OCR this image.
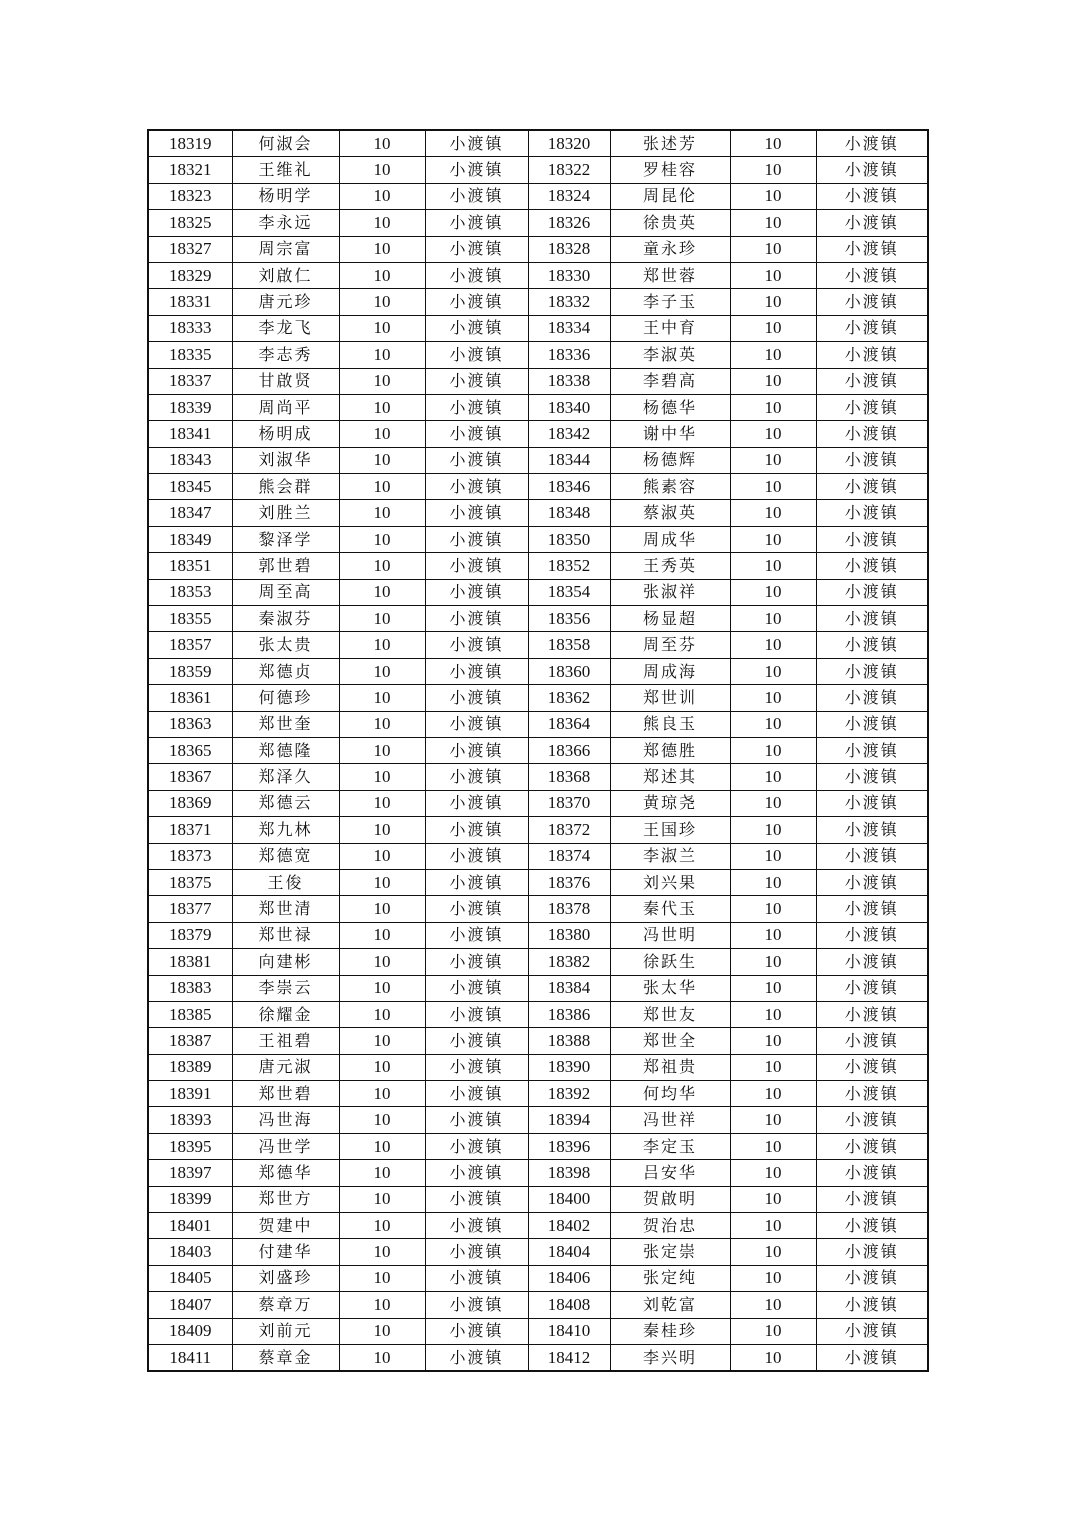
18319	何淑会	10	小渡镇	18320	张述芳	10	小渡镇
18321	王维礼	10	小渡镇	18322	罗桂容	10	小渡镇
18323	杨明学	10	小渡镇	18324	周昆伦	10	小渡镇
18325	李永远	10	小渡镇	18326	徐贵英	10	小渡镇
18327	周宗富	10	小渡镇	18328	童永珍	10	小渡镇
18329	刘啟仁	10	小渡镇	18330	郑世蓉	10	小渡镇
18331	唐元珍	10	小渡镇	18332	李子玉	10	小渡镇
18333	李龙飞	10	小渡镇	18334	王中育	10	小渡镇
18335	李志秀	10	小渡镇	18336	李淑英	10	小渡镇
18337	甘啟贤	10	小渡镇	18338	李碧高	10	小渡镇
18339	周尚平	10	小渡镇	18340	杨德华	10	小渡镇
18341	杨明成	10	小渡镇	18342	谢中华	10	小渡镇
18343	刘淑华	10	小渡镇	18344	杨德辉	10	小渡镇
18345	熊会群	10	小渡镇	18346	熊素容	10	小渡镇
18347	刘胜兰	10	小渡镇	18348	蔡淑英	10	小渡镇
18349	黎泽学	10	小渡镇	18350	周成华	10	小渡镇
18351	郭世碧	10	小渡镇	18352	王秀英	10	小渡镇
18353	周至高	10	小渡镇	18354	张淑祥	10	小渡镇
18355	秦淑芬	10	小渡镇	18356	杨显超	10	小渡镇
18357	张太贵	10	小渡镇	18358	周至芬	10	小渡镇
18359	郑德贞	10	小渡镇	18360	周成海	10	小渡镇
18361	何德珍	10	小渡镇	18362	郑世训	10	小渡镇
18363	郑世奎	10	小渡镇	18364	熊良玉	10	小渡镇
18365	郑德隆	10	小渡镇	18366	郑德胜	10	小渡镇
18367	郑泽久	10	小渡镇	18368	郑述其	10	小渡镇
18369	郑德云	10	小渡镇	18370	黄琼尧	10	小渡镇
18371	郑九林	10	小渡镇	18372	王国珍	10	小渡镇
18373	郑德宽	10	小渡镇	18374	李淑兰	10	小渡镇
18375	王俊	10	小渡镇	18376	刘兴果	10	小渡镇
18377	郑世清	10	小渡镇	18378	秦代玉	10	小渡镇
18379	郑世禄	10	小渡镇	18380	冯世明	10	小渡镇
18381	向建彬	10	小渡镇	18382	徐跃生	10	小渡镇
18383	李崇云	10	小渡镇	18384	张太华	10	小渡镇
18385	徐耀金	10	小渡镇	18386	郑世友	10	小渡镇
18387	王祖碧	10	小渡镇	18388	郑世全	10	小渡镇
18389	唐元淑	10	小渡镇	18390	郑祖贵	10	小渡镇
18391	郑世碧	10	小渡镇	18392	何均华	10	小渡镇
18393	冯世海	10	小渡镇	18394	冯世祥	10	小渡镇
18395	冯世学	10	小渡镇	18396	李定玉	10	小渡镇
18397	郑德华	10	小渡镇	18398	吕安华	10	小渡镇
18399	郑世方	10	小渡镇	18400	贺啟明	10	小渡镇
18401	贺建中	10	小渡镇	18402	贺治忠	10	小渡镇
18403	付建华	10	小渡镇	18404	张定崇	10	小渡镇
18405	刘盛珍	10	小渡镇	18406	张定纯	10	小渡镇
18407	蔡章万	10	小渡镇	18408	刘乾富	10	小渡镇
18409	刘前元	10	小渡镇	18410	秦桂珍	10	小渡镇
18411	蔡章金	10	小渡镇	18412	李兴明	10	小渡镇
